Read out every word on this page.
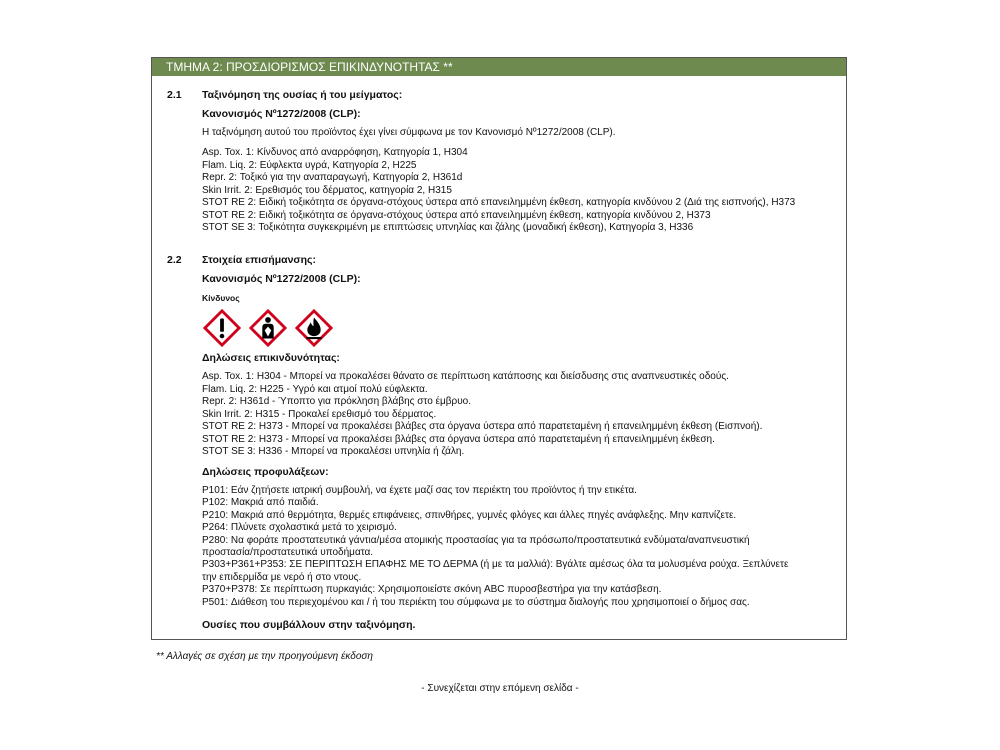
ΤΜΗΜΑ 2: ΠΡΟΣΔΙΟΡΙΣΜΟΣ ΕΠΙΚΙΝΔΥΝΟΤΗΤΑΣ **
2.1 Ταξινόμηση της ουσίας ή του μείγματος:
Κανονισμός Νº1272/2008 (CLP):
Η ταξινόμηση αυτού του προϊόντος έχει γίνει σύμφωνα με τον Κανονισμό Nº1272/2008 (CLP).
Asp. Tox. 1: Κίνδυνος από αναρρόφηση, Κατηγορία 1, H304
Flam. Liq. 2: Εύφλεκτα υγρά, Κατηγορία 2, H225
Repr. 2: Τοξικό για την αναπαραγωγή, Κατηγορία 2, H361d
Skin Irrit. 2: Ερεθισμός του δέρματος, κατηγορία 2, H315
STOT RE 2: Ειδική τοξικότητα σε όργανα-στόχους ύστερα από επανειλημμένη έκθεση, κατηγορία κινδύνου 2 (Διά της εισπνοής), H373
STOT RE 2: Ειδική τοξικότητα σε όργανα-στόχους ύστερα από επανειλημμένη έκθεση, κατηγορία κινδύνου 2, H373
STOT SE 3: Τοξικότητα συγκεκριμένη με επιπτώσεις υπνηλίας και ζάλης (μοναδική έκθεση), Κατηγορία 3, H336
2.2 Στοιχεία επισήμανσης:
Κανονισμός Nº1272/2008 (CLP):
Κίνδυνος
Δηλώσεις επικινδυνότητας:
Asp. Tox. 1: H304 - Μπορεί να προκαλέσει θάνατο σε περίπτωση κατάποσης και διείσδυσης στις αναπνευστικές οδούς.
Flam. Liq. 2: H225 - Υγρό και ατμοί πολύ εύφλεκτα.
Repr. 2: H361d - Ύποπτο για πρόκληση βλάβης στο έμβρυο.
Skin Irrit. 2: H315 - Προκαλεί ερεθισμό του δέρματος.
STOT RE 2: H373 - Μπορεί να προκαλέσει βλάβες στα όργανα ύστερα από παρατεταμένη ή επανειλημμένη έκθεση (Εισπνοή).
STOT RE 2: H373 - Μπορεί να προκαλέσει βλάβες στα όργανα ύστερα από παρατεταμένη ή επανειλημμένη έκθεση.
STOT SE 3: H336 - Μπορεί να προκαλέσει υπνηλία ή ζάλη.
Δηλώσεις προφυλάξεων:
P101: Εάν ζητήσετε ιατρική συμβουλή, να έχετε μαζί σας τον περιέκτη του προϊόντος ή την ετικέτα.
P102: Μακριά από παιδιά.
P210: Μακριά από θερμότητα, θερμές επιφάνειες, σπινθήρες, γυμνές φλόγες και άλλες πηγές ανάφλεξης. Μην καπνίζετε.
P264: Πλύνετε σχολαστικά μετά το χειρισμό.
P280: Να φοράτε προστατευτικά γάντια/μέσα ατομικής προστασίας για τα πρόσωπο/προστατευτικά ενδύματα/αναπνευστική προστασία/προστατευτικά υποδήματα.
P303+P361+P353: ΣΕ ΠΕΡΙΠΤΩΣΗ ΕΠΑΦΗΣ ΜΕ ΤΟ ΔΕΡΜΑ (ή με τα μαλλιά): Βγάλτε αμέσως όλα τα μολυσμένα ρούχα. Ξεπλύνετε την επιδερμίδα με νερό ή στο ντους.
P370+P378: Σε περίπτωση πυρκαγιάς: Χρησιμοποιείστε σκόνη ABC πυροσβεστήρα για την κατάσβεση.
P501: Διάθεση του περιεχομένου και / ή του περιέκτη του σύμφωνα με το σύστημα διαλογής που χρησιμοποιεί ο δήμος σας.
Ουσίες που συμβάλλουν στην ταξινόμηση.
** Αλλαγές σε σχέση με την προηγούμενη έκδοση
- Συνεχίζεται στην επόμενη σελίδα -
